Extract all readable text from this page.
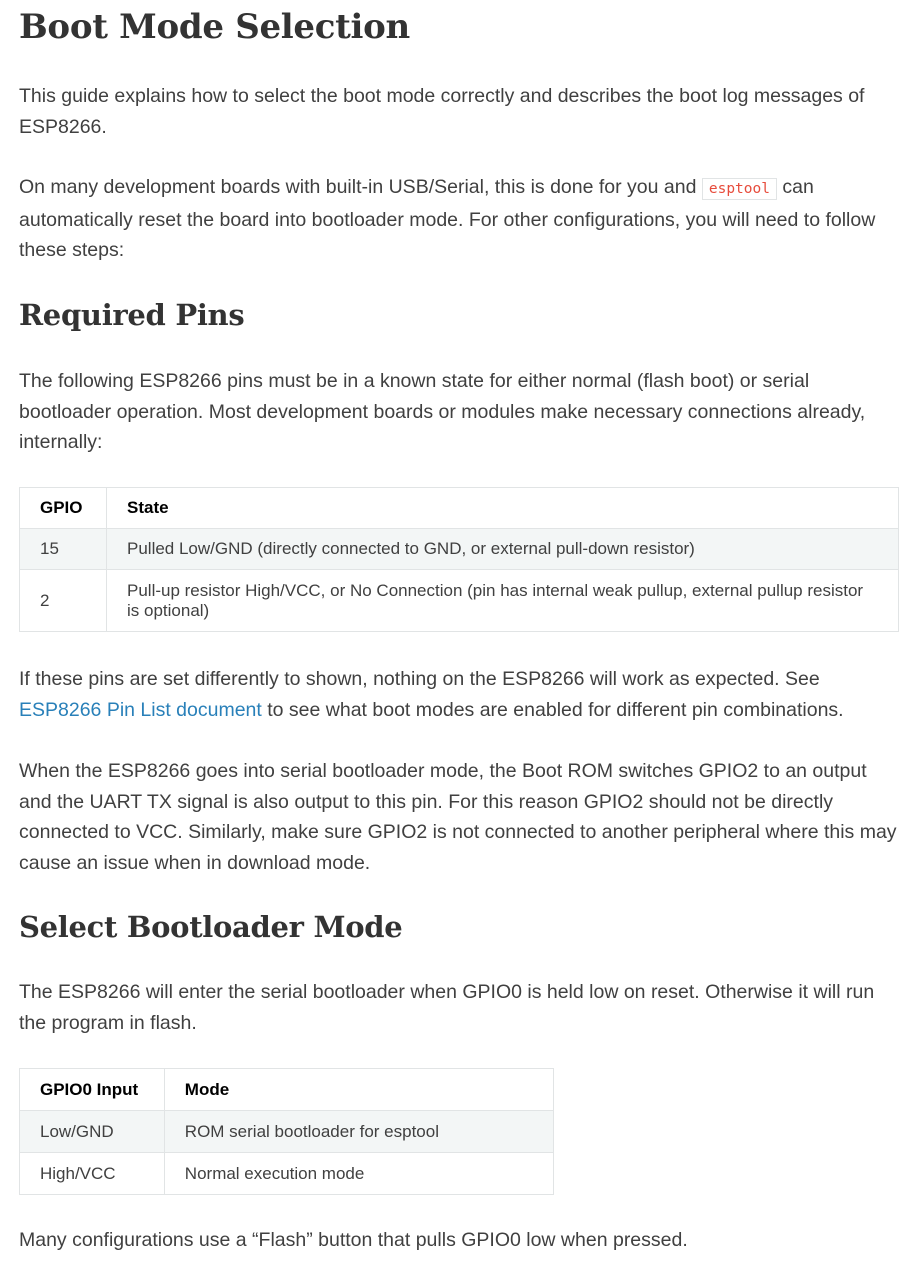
Boot Mode Selection

This guide explains how to select the boot mode correctly and describes the boot log messages of ESP8266.

On many development boards with built-in USB/Serial, this is done for you and esptool can automatically reset the board into bootloader mode. For other configurations, you will need to follow these steps:

Required Pins

The following ESP8266 pins must be in a known state for either normal (flash boot) or serial bootloader operation. Most development boards or modules make necessary connections already, internally:

GPIO	State
15	Pulled Low/GND (directly connected to GND, or external pull-down resistor)
2	Pull-up resistor High/VCC, or No Connection (pin has internal weak pullup, external pullup resistor is optional)

If these pins are set differently to shown, nothing on the ESP8266 will work as expected. See ESP8266 Pin List document to see what boot modes are enabled for different pin combinations.

When the ESP8266 goes into serial bootloader mode, the Boot ROM switches GPIO2 to an output and the UART TX signal is also output to this pin. For this reason GPIO2 should not be directly connected to VCC. Similarly, make sure GPIO2 is not connected to another peripheral where this may cause an issue when in download mode.

Select Bootloader Mode

The ESP8266 will enter the serial bootloader when GPIO0 is held low on reset. Otherwise it will run the program in flash.

GPIO0 Input	Mode
Low/GND	ROM serial bootloader for esptool
High/VCC	Normal execution mode

Many configurations use a “Flash” button that pulls GPIO0 low when pressed.
